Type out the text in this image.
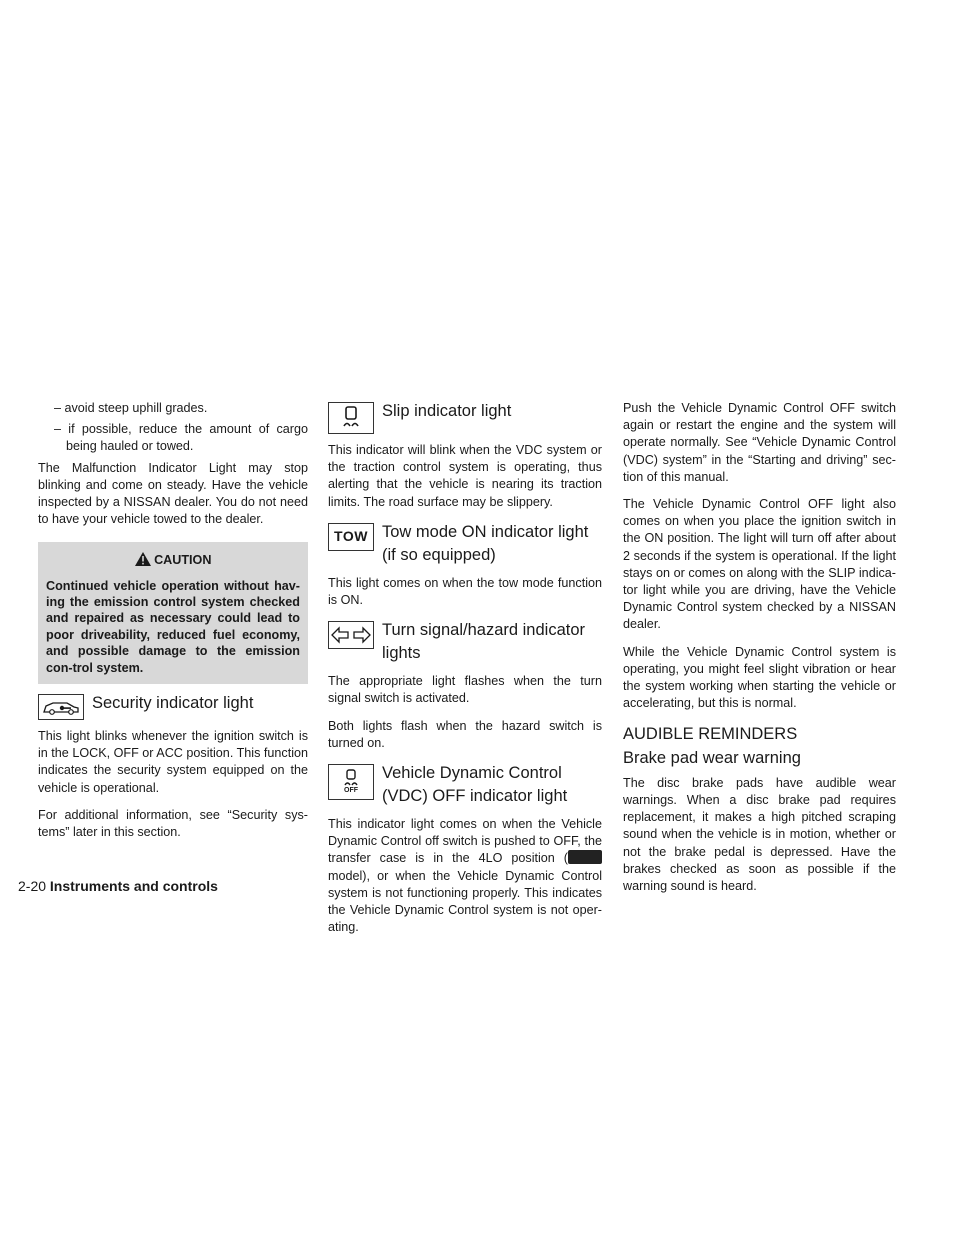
– avoid steep uphill grades.

– if possible, reduce the amount of cargo being hauled or towed.

The Malfunction Indicator Light may stop blinking and come on steady. Have the vehicle inspected by a NISSAN dealer. You do not need to have your vehicle towed to the dealer.

CAUTION
Continued vehicle operation without hav-ing the emission control system checked and repaired as necessary could lead to poor driveability, reduced fuel economy, and possible damage to the emission con-trol system.
Security indicator light

This light blinks whenever the ignition switch is in the LOCK, OFF or ACC position. This function indicates the security system equipped on the vehicle is operational.

For additional information, see “Security sys-tems” later in this section.

Slip indicator light

This indicator will blink when the VDC system or the traction control system is operating, thus alerting that the vehicle is nearing its traction limits. The road surface may be slippery.

TOW Tow mode ON indicator light (if so equipped)

This light comes on when the tow mode function is ON.

Turn signal/hazard indicator lights

The appropriate light flashes when the turn signal switch is activated.

Both lights flash when the hazard switch is turned on.

OFF
Vehicle Dynamic Control (VDC) OFF indicator light

This indicator light comes on when the Vehicle Dynamic Control off switch is pushed to OFF, the transfer case is in the 4LO position ( model), or when the Vehicle Dynamic Control system is not functioning properly. This indicates the Vehicle Dynamic Control system is not oper-ating.

Push the Vehicle Dynamic Control OFF switch again or restart the engine and the system will operate normally. See “Vehicle Dynamic Control (VDC) system” in the “Starting and driving” sec-tion of this manual.

The Vehicle Dynamic Control OFF light also comes on when you place the ignition switch in the ON position. The light will turn off after about 2 seconds if the system is operational. If the light stays on or comes on along with the SLIP indica-tor light while you are driving, have the Vehicle Dynamic Control system checked by a NISSAN dealer.

While the Vehicle Dynamic Control system is operating, you might feel slight vibration or hear the system working when starting the vehicle or accelerating, but this is normal.

AUDIBLE REMINDERS
Brake pad wear warning

The disc brake pads have audible wear warnings. When a disc brake pad requires replacement, it makes a high pitched scraping sound when the vehicle is in motion, whether or not the brake pedal is depressed. Have the brakes checked as soon as possible if the warning sound is heard.

2-20 Instruments and controls
